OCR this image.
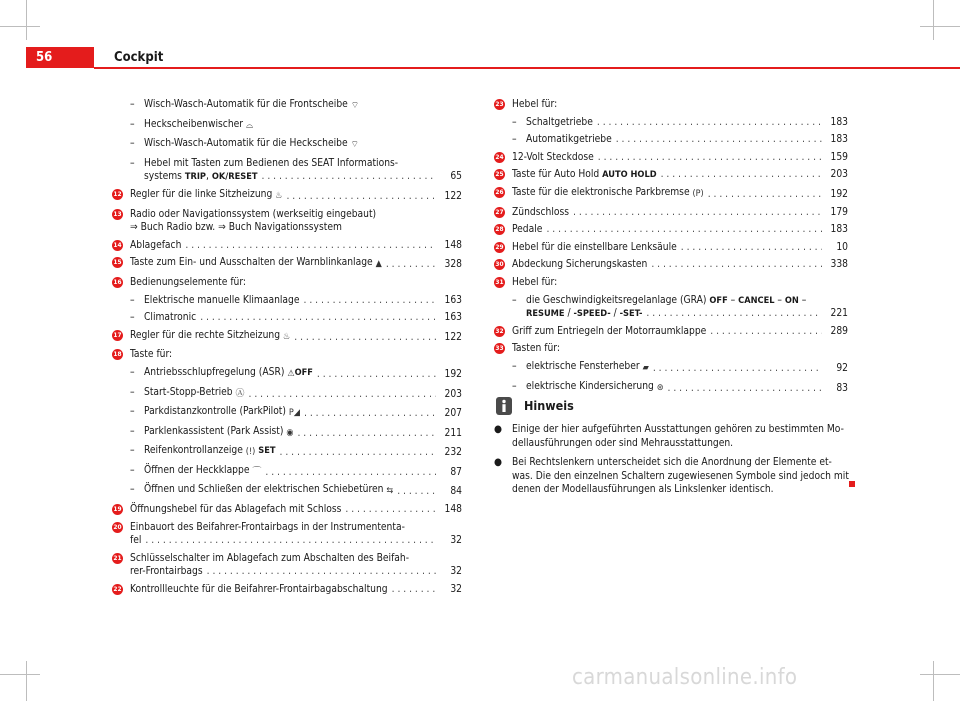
56	Cockpit
– Wisch-Wasch-Automatik für die Frontscheibe ⌔
– Heckscheibenwischer ⌓
– Wisch-Wasch-Automatik für die Heckscheibe ⌔
– Hebel mit Tasten zum Bedienen des SEAT Informations-
systems TRIP, OK/RESET . . .	65
12 Regler für die linke Sitzheizung ♨ . . .	122
13 Radio oder Navigationssystem (werkseitig eingebaut)
⇒ Buch Radio bzw. ⇒ Buch Navigationssystem
14 Ablagefach . . .	148
15 Taste zum Ein- und Ausschalten der Warnblinkanlage ▲ . . .	328
16 Bedienungselemente für:
– Elektrische manuelle Klimaanlage . . .	163
– Climatronic . . .	163
17 Regler für die rechte Sitzheizung ♨ . . .	122
18 Taste für:
– Antriebsschlupfregelung (ASR) ⚠OFF . . .	192
– Start-Stopp-Betrieb Ⓐ . . .	203
– Parkdistanzkontrolle (ParkPilot) P◢ . . .	207
– Parklenkassistent (Park Assist) ◉ . . .	211
– Reifenkontrollanzeige (!) SET . . .	232
– Öffnen der Heckklappe ⌒ . . .	87
– Öffnen und Schließen der elektrischen Schiebetüren ⇆ . . .	84
19 Öffnungshebel für das Ablagefach mit Schloss . . .	148
20 Einbauort des Beifahrer-Frontairbags in der Instrumententa-
fel . . .	32
21 Schlüsselschalter im Ablagefach zum Abschalten des Beifah-
rer-Frontairbags . . .	32
22 Kontrollleuchte für die Beifahrer-Frontairbagabschaltung . . .	32
23 Hebel für:
– Schaltgetriebe . . .	183
– Automatikgetriebe . . .	183
24 12-Volt Steckdose . . .	159
25 Taste für Auto Hold AUTO HOLD . . .	203
26 Taste für die elektronische Parkbremse (P) . . .	192
27 Zündschloss . . .	179
28 Pedale . . .	183
29 Hebel für die einstellbare Lenksäule . . .	10
30 Abdeckung Sicherungskasten . . .	338
31 Hebel für:
– die Geschwindigkeitsregelanlage (GRA) OFF – CANCEL – ON –
RESUME / -SPEED- / -SET- . . .	221
32 Griff zum Entriegeln der Motorraumklappe . . .	289
33 Tasten für:
– elektrische Fensterheber ▰ . . .	92
– elektrische Kindersicherung ⊛ . . .	83
Hinweis
● Einige der hier aufgeführten Ausstattungen gehören zu bestimmten Mo-dellausführungen oder sind Mehrausstattungen.
● Bei Rechtslenkern unterscheidet sich die Anordnung der Elemente et-was. Die den einzelnen Schaltern zugewiesenen Symbole sind jedoch mit denen der Modellausführungen als Linkslenker identisch.
carmanualsonline.info
